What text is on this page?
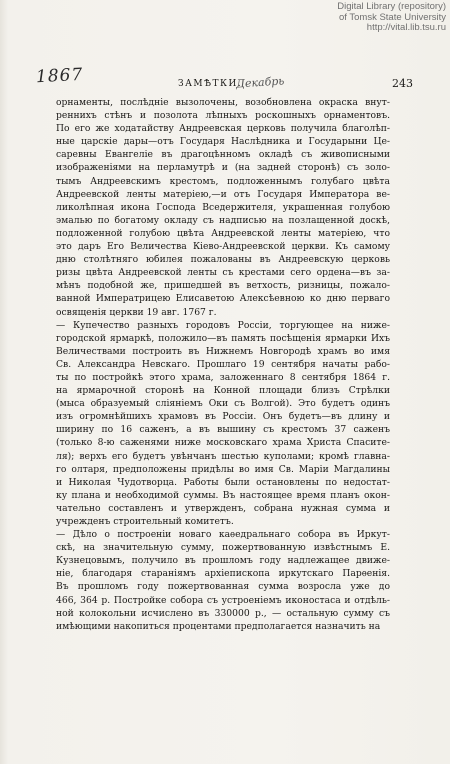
Digital Library (repository)
of Tomsk State University
http://vital.lib.tsu.ru
1867	ЗАМѢТКИ.
Декабрь	243

орнаменты, послѣдніе вызолочены, возобновлена окраска внут-
реннихъ стѣнъ и позолота лѣпныхъ роскошныхъ орнаментовъ.
По его же ходатайству Андреевская церковь получила благолѣп-
ные царскіе дары—отъ Государя Наслѣдника и Государыни Це-
саревны Евангеліе въ драгоцѣнномъ окладѣ съ живописными
изображеніями на перламутрѣ и (на задней сторонѣ) съ золо-
тымъ Андреевскимъ крестомъ, подложеннымъ голубаго цвѣта
Андреевской ленты матеріею,—и отъ Государя Императора ве-
ликолѣпная икона Господа Вседержителя, украшенная голубою
эмалью по богатому окладу съ надписью на позлащенной доскѣ,
подложенной голубою цвѣта Андреевской ленты матеріею, что
это даръ Его Величества Кіево-Андреевской церкви. Къ самому
дню столѣтняго юбилея пожалованы въ Андреевскую церковь
ризы цвѣта Андреевской ленты съ крестами сего ордена—въ за-
мѣнъ подобной же, пришедшей въ ветхость, ризницы, пожало-
ванной Императрицею Елисаветою Алексѣевною ко дню перваго
освященія церкви 19 авг. 1767 г.

— Купечество разныхъ городовъ Россіи, торгующее на ниже-
городской ярмаркѣ, положило—въ память посѣщенія ярмарки Ихъ
Величествами построить въ Нижнемъ Новгородѣ храмъ во имя
Св. Александра Невскаго. Прошлаго 19 сентября начаты рабо-
ты по постройкѣ этого храма, заложеннаго 8 сентября 1864 г.
на ярмарочной сторонѣ на Конной площади близъ Стрѣлки
(мыса образуемый сліяніемъ Оки съ Волгой). Это будетъ одинъ
изъ огромнѣйшихъ храмовъ въ Россіи. Онъ будетъ—въ длину и
ширину по 16 саженъ, а въ вышину съ крестомъ 37 саженъ
(только 8-ю саженями ниже московскаго храма Христа Спасите-
ля); верхъ его будетъ увѣнчанъ шестью куполами; кромѣ главна-
го олтаря, предположены придѣлы во имя Св. Маріи Магдалины
и Николая Чудотворца. Работы были остановлены по недостат-
ку плана и необходимой суммы. Въ настоящее время планъ окон-
чательно составленъ и утвержденъ, собрана нужная сумма и
учрежденъ строительный комитетъ.

— Дѣло о построеніи новаго каѳедральнаго собора въ Иркут-
скѣ, на значительную сумму, пожертвованную извѣстнымъ Е.
Кузнецовымъ, получило въ прошломъ году надлежащее движе-
ніе, благодаря стараніямъ архіепископа иркутскаго Парѳенія.
Въ прошломъ году пожертвованная сумма возросла уже до
466, 364 р. Постройке собора съ устроеніемъ иконостаса и отдѣль-
ной колокольни исчислено въ 330000 р., — остальную сумму съ
имѣющими накопиться процентами предполагается назначить на
